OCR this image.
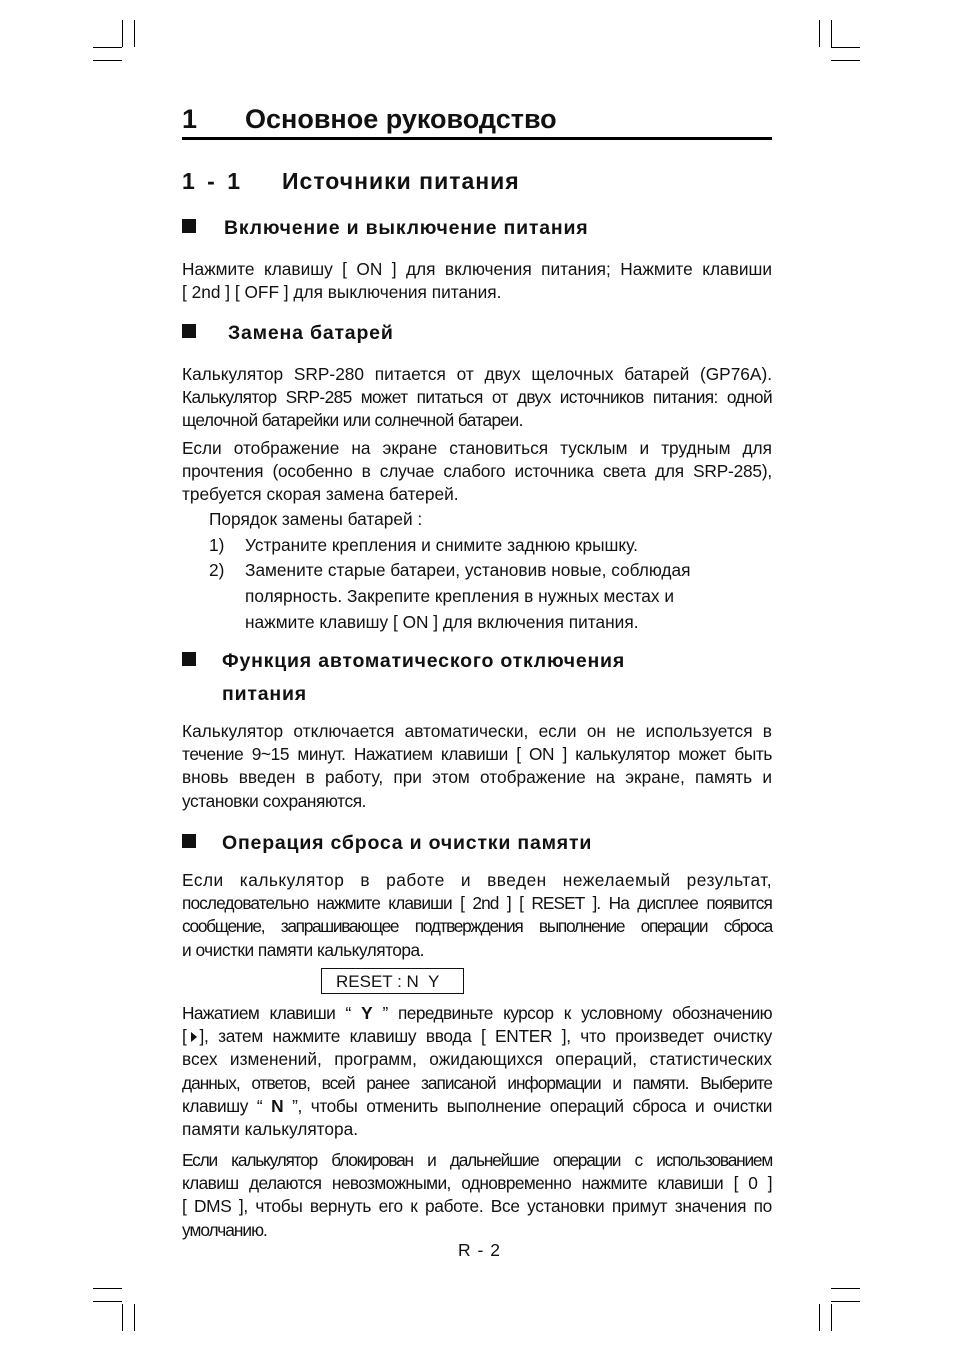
1 Основное руководство
1 - 1 Источники питания
Включение и выключение питания
Нажмите клавишу [ ON ] для включения питания; Нажмите клавиши
[ 2nd ] [ OFF ] для выключения питания.
Замена батарей
Калькулятор SRP-280 питается от двух щелочных батарей (GP76A).
Калькулятор SRP-285 может питаться от двух источников питания: одной
щелочной батарейки или солнечной батареи.
Если отображение на экране становиться тусклым и трудным для
прочтения (особенно в случае слабого источника света для SRP-285),
требуется скорая замена батерей.
Порядок замены батарей :
1) Устраните крепления и снимите заднюю крышку.
2) Замените старые батареи, установив новые, соблюдая
полярность. Закрепите крепления в нужных местах и
нажмите клавишу [ ON ] для включения питания.
Функция автоматического отключения
питания
Калькулятор отключается автоматически, если он не используется в
течение 9~15 минут. Нажатием клавиши [ ON ] калькулятор может быть
вновь введен в работу, при этом отображение на экране, память и
установки сохраняются.
Операция сброса и очистки памяти
Если калькулятор в работе и введен нежелаемый результат,
последовательно нажмите клавиши [ 2nd ] [ RESET ]. На дисплее появится
сообщение, запрашивающее подтверждения выполнение операции сброса
и очистки памяти калькулятора.
RESET : N  Y
Нажатием клавиши “ Y ” передвиньте курсор к условному обозначению
[ ], затем нажмите клавишу ввода [ ENTER ], что произведет очистку
всех изменений, программ, ожидающихся операций, статистических
данных, ответов, всей ранее записаной информации и памяти. Выберите
клавишу “ N ”, чтобы отменить выполнение операций сброса и очистки
памяти калькулятора.
Если калькулятор блокирован и дальнейшие операции с использованием
клавиш делаются невозможными, одновременно нажмите клавиши [ 0 ]
[ DMS ], чтобы вернуть его к работе. Все установки примут значения по
умолчанию.
R - 2
